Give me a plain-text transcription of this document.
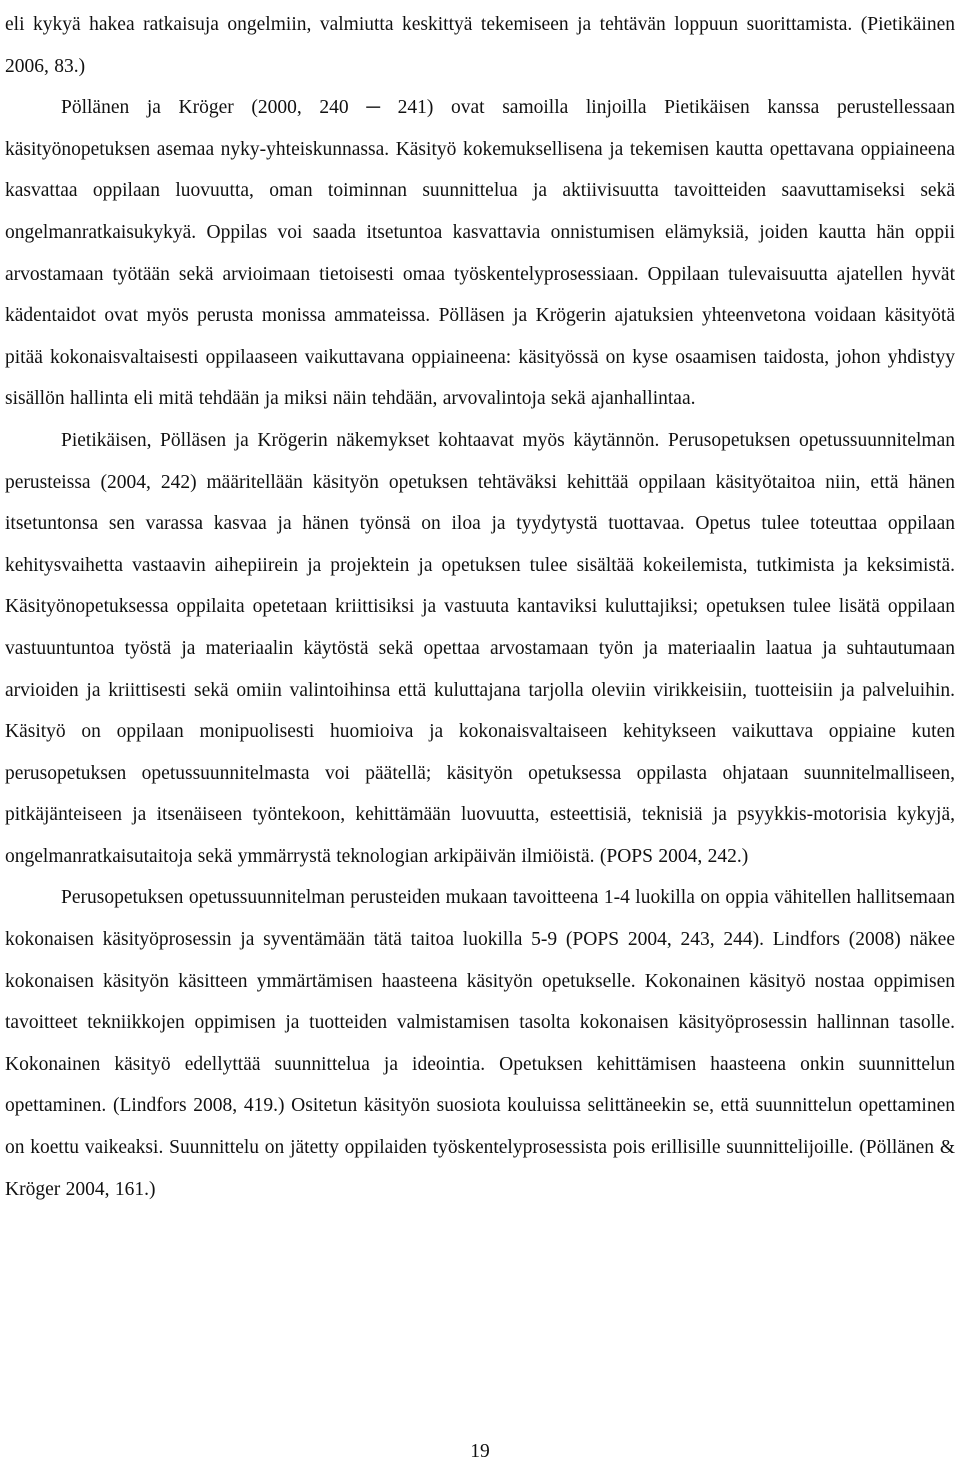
eli kykyä hakea ratkaisuja ongelmiin, valmiutta keskittyä tekemiseen ja tehtävän loppuun suorittamista. (Pietikäinen 2006, 83.)

Pöllänen ja Kröger (2000, 240 ─ 241) ovat samoilla linjoilla Pietikäisen kanssa perustellessaan käsityönopetuksen asemaa nyky-yhteiskunnassa. Käsityö kokemuksellisena ja tekemisen kautta opettavana oppiaineena kasvattaa oppilaan luovuutta, oman toiminnan suunnittelua ja aktiivisuutta tavoitteiden saavuttamiseksi sekä ongelmanratkaisukykyä. Oppilas voi saada itsetuntoa kasvattavia onnistumisen elämyksiä, joiden kautta hän oppii arvostamaan työtään sekä arvioimaan tietoisesti omaa työskentelyprosessiaan. Oppilaan tulevaisuutta ajatellen hyvät kädentaidot ovat myös perusta monissa ammateissa. Pölläsen ja Krögerin ajatuksien yhteenvetona voidaan käsityötä pitää kokonaisvaltaisesti oppilaaseen vaikuttavana oppiaineena: käsityössä on kyse osaamisen taidosta, johon yhdistyy sisällön hallinta eli mitä tehdään ja miksi näin tehdään, arvovalintoja sekä ajanhallintaa.

Pietikäisen, Pölläsen ja Krögerin näkemykset kohtaavat myös käytännön. Perusopetuksen opetussuunnitelman perusteissa (2004, 242) määritellään käsityön opetuksen tehtäväksi kehittää oppilaan käsityötaitoa niin, että hänen itsetuntonsa sen varassa kasvaa ja hänen työnsä on iloa ja tyydytystä tuottavaa. Opetus tulee toteuttaa oppilaan kehitysvaihetta vastaavin aihepiirein ja projektein ja opetuksen tulee sisältää kokeilemista, tutkimista ja keksimistä. Käsityönopetuksessa oppilaita opetetaan kriittisiksi ja vastuuta kantaviksi kuluttajiksi; opetuksen tulee lisätä oppilaan vastuuntuntoa työstä ja materiaalin käytöstä sekä opettaa arvostamaan työn ja materiaalin laatua ja suhtautumaan arvioiden ja kriittisesti sekä omiin valintoihinsa että kuluttajana tarjolla oleviin virikkeisiin, tuotteisiin ja palveluihin. Käsityö on oppilaan monipuolisesti huomioiva ja kokonaisvaltaiseen kehitykseen vaikuttava oppiaine kuten perusopetuksen opetussuunnitelmasta voi päätellä; käsityön opetuksessa oppilasta ohjataan suunnitelmalliseen, pitkäjänteiseen ja itsenäiseen työntekoon, kehittämään luovuutta, esteettisiä, teknisiä ja psyykkis-motorisia kykyjä, ongelmanratkaisutaitoja sekä ymmärrystä teknologian arkipäivän ilmiöistä. (POPS 2004, 242.)

Perusopetuksen opetussuunnitelman perusteiden mukaan tavoitteena 1-4 luokilla on oppia vähitellen hallitsemaan kokonaisen käsityöprosessin ja syventämään tätä taitoa luokilla 5-9 (POPS 2004, 243, 244). Lindfors (2008) näkee kokonaisen käsityön käsitteen ymmärtämisen haasteena käsityön opetukselle. Kokonainen käsityö nostaa oppimisen tavoitteet tekniikkojen oppimisen ja tuotteiden valmistamisen tasolta kokonaisen käsityöprosessin hallinnan tasolle. Kokonainen käsityö edellyttää suunnittelua ja ideointia. Opetuksen kehittämisen haasteena onkin suunnittelun opettaminen. (Lindfors 2008, 419.) Ositetun käsityön suosiota kouluissa selittäneekin se, että suunnittelun opettaminen on koettu vaikeaksi. Suunnittelu on jätetty oppilaiden työskentelyprosessista pois erillisille suunnittelijoille. (Pöllänen & Kröger 2004, 161.)

19
